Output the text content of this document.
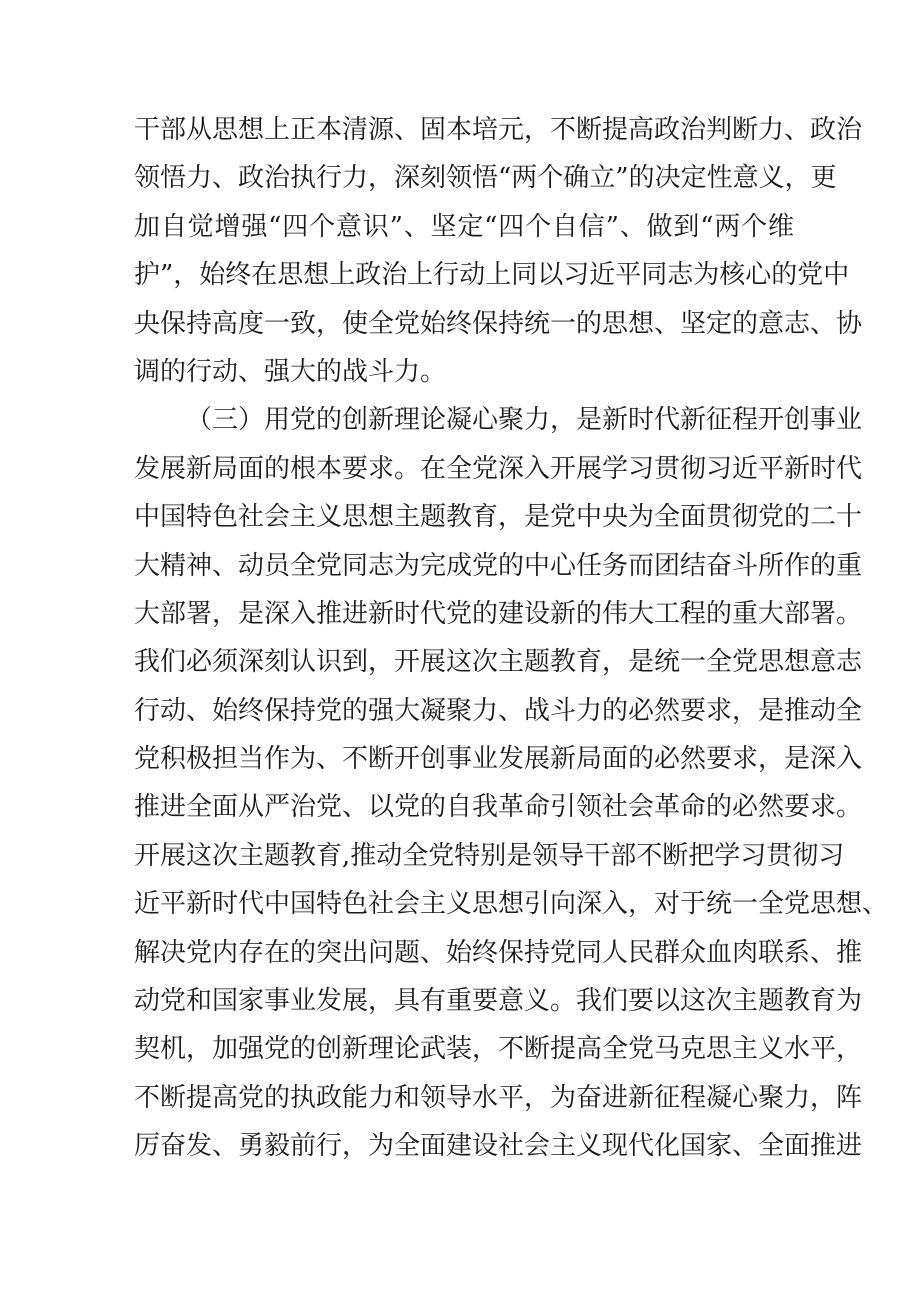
干部从思想上正本清源、固本培元，不断提高政治判断力、政治
领悟力、政治执行力，深刻领悟“两个确立”的决定性意义，更
加自觉增强“四个意识”、坚定“四个自信”、做到“两个维
护”，始终在思想上政治上行动上同以习近平同志为核心的党中
央保持高度一致，使全党始终保持统一的思想、坚定的意志、协
调的行动、强大的战斗力。
（三）用党的创新理论凝心聚力，是新时代新征程开创事业
发展新局面的根本要求。在全党深入开展学习贯彻习近平新时代
中国特色社会主义思想主题教育，是党中央为全面贯彻党的二十
大精神、动员全党同志为完成党的中心任务而团结奋斗所作的重
大部署，是深入推进新时代党的建设新的伟大工程的重大部署。
我们必须深刻认识到，开展这次主题教育，是统一全党思想意志
行动、始终保持党的强大凝聚力、战斗力的必然要求，是推动全
党积极担当作为、不断开创事业发展新局面的必然要求，是深入
推进全面从严治党、以党的自我革命引领社会革命的必然要求。
开展这次主题教育,推动全党特别是领导干部不断把学习贯彻习
近平新时代中国特色社会主义思想引向深入，对于统一全党思想、
解决党内存在的突出问题、始终保持党同人民群众血肉联系、推
动党和国家事业发展，具有重要意义。我们要以这次主题教育为
契机，加强党的创新理论武装，不断提高全党马克思主义水平，
不断提高党的执政能力和领导水平，为奋进新征程凝心聚力，阵
厉奋发、勇毅前行，为全面建设社会主义现代化国家、全面推进
